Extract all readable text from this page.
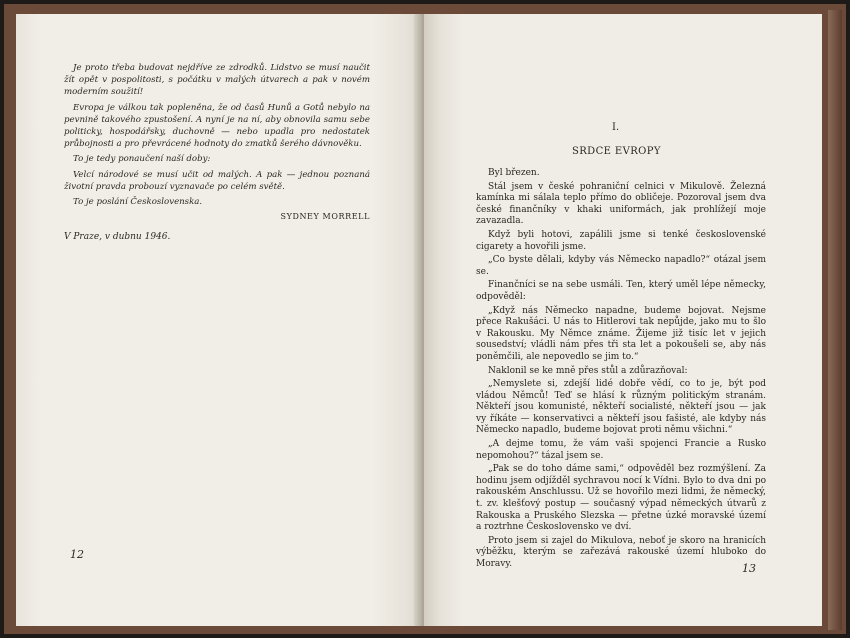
Je proto třeba budovat nejdříve ze zdrodků. Lidstvo se musí naučit žít opět v pospolitosti, s počátku v malých útvarech a pak v novém moderním soužití!

Evropa je válkou tak popleněna, že od časů Hunů a Gotů nebylo na pevnině takového zpustošení. A nyní je na ní, aby obnovila samu sebe politicky, hospodářsky, duchovně — nebo upadla pro nedostatek průbojnosti a pro převrácené hodnoty do zmatků šerého dávnověku.

To je tedy ponaučení naší doby:

Velcí národové se musí učit od malých. A pak — jednou poznaná životní pravda probouzí vyznavače po celém světě.

To je poslání Československa.

SYDNEY MORRELL
V Praze, v dubnu 1946.
12
I.
SRDCE EVROPY

Byl březen.

Stál jsem v české pohraniční celnici v Mikulově. Železná kamínka mi sálala teplo přímo do obličeje. Pozoroval jsem dva české finančníky v khaki uniformách, jak prohlížejí moje zavazadla.

Když byli hotovi, zapálili jsme si tenké československé cigarety a hovořili jsme.

„Co byste dělali, kdyby vás Německo napadlo?“ otázal jsem se.

Finančníci se na sebe usmáli. Ten, který uměl lépe německy, odpověděl:

„Když nás Německo napadne, budeme bojovat. Nejsme přece Rakušáci. U nás to Hitlerovi tak nepůjde, jako mu to šlo v Rakousku. My Němce známe. Žijeme již tisíc let v jejich sousedství; vládli nám přes tři sta let a pokoušeli se, aby nás poněmčili, ale nepovedlo se jim to.“

Naklonil se ke mně přes stůl a zdůrazňoval:

„Nemyslete si, zdejší lidé dobře vědí, co to je, být pod vládou Němců! Teď se hlásí k různým politickým stranám. Někteří jsou komunisté, někteří socialisté, někteří jsou — jak vy říkáte — konservativci a někteří jsou fašisté, ale kdyby nás Německo napadlo, budeme bojovat proti němu všichni.“

„A dejme tomu, že vám vaši spojenci Francie a Rusko nepomohou?“ tázal jsem se.

„Pak se do toho dáme sami,“ odpověděl bez rozmýšlení. Za hodinu jsem odjížděl sychravou nocí k Vídni. Bylo to dva dni po rakouském Anschlussu. Už se hovořilo mezi lidmi, že německý, t. zv. klešťový postup — současný výpad německých útvarů z Rakouska a Pruského Slezska — přetne úzké moravské území a roztrhne Československo ve dví.

Proto jsem si zajel do Mikulova, neboť je skoro na hranicích výběžku, kterým se zařezává rakouské území hluboko do Moravy.	13
